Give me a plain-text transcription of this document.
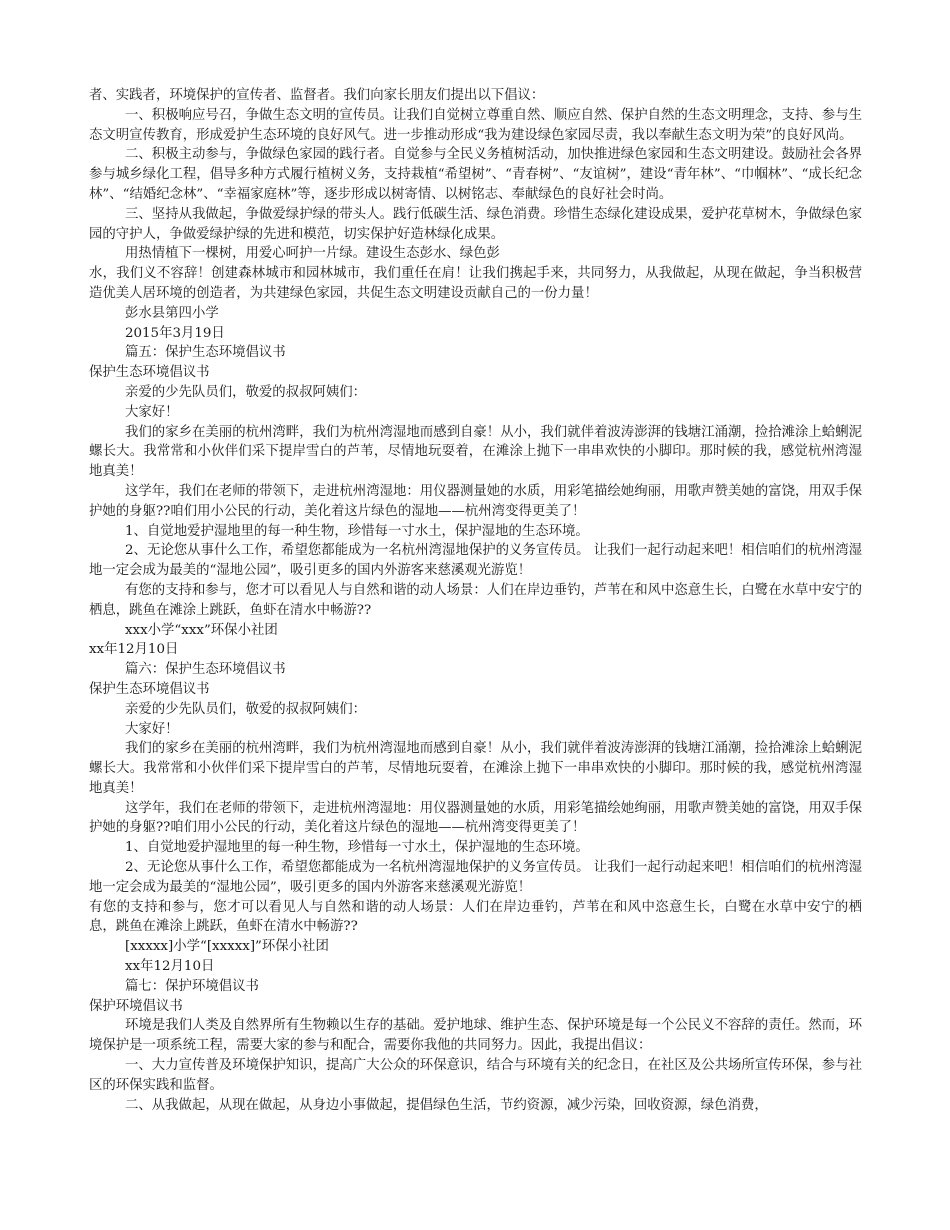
者、实践者，环境保护的宣传者、监督者。我们向家长朋友们提出以下倡议：

一、积极响应号召，争做生态文明的宣传员。让我们自觉树立尊重自然、顺应自然、保护自然的生态文明理念，支持、参与生态文明宣传教育，形成爱护生态环境的良好风气。进一步推动形成“我为建设绿色家园尽责，我以奉献生态文明为荣”的良好风尚。

二、积极主动参与，争做绿色家园的践行者。自觉参与全民义务植树活动，加快推进绿色家园和生态文明建设。鼓励社会各界参与城乡绿化工程，倡导多种方式履行植树义务，支持栽植“希望树”、“青春树”、“友谊树”，建设“青年林”、“巾帼林”、“成长纪念林”、“结婚纪念林”、“幸福家庭林”等，逐步形成以树寄情、以树铭志、奉献绿色的良好社会时尚。

三、坚持从我做起，争做爱绿护绿的带头人。践行低碳生活、绿色消费。珍惜生态绿化建设成果，爱护花草树木，争做绿色家园的守护人，争做爱绿护绿的先进和模范，切实保护好造林绿化成果。

用热情植下一棵树，用爱心呵护一片绿。建设生态彭水、绿色彭

水，我们义不容辞！创建森林城市和园林城市，我们重任在肩！让我们携起手来，共同努力，从我做起，从现在做起，争当积极营造优美人居环境的创造者，为共建绿色家园，共促生态文明建设贡献自己的一份力量！

彭水县第四小学

2015年3月19日

篇五：保护生态环境倡议书

保护生态环境倡议书

亲爱的少先队员们，敬爱的叔叔阿姨们：

大家好！

我们的家乡在美丽的杭州湾畔，我们为杭州湾湿地而感到自豪！从小，我们就伴着波涛澎湃的钱塘江涌潮，捡拾滩涂上蛤蜊泥螺长大。我常常和小伙伴们采下提岸雪白的芦苇，尽情地玩耍着，在滩涂上抛下一串串欢快的小脚印。那时候的我，感觉杭州湾湿地真美！

这学年，我们在老师的带领下，走进杭州湾湿地：用仪器测量她的水质，用彩笔描绘她绚丽，用歌声赞美她的富饶，用双手保护她的身躯??咱们用小公民的行动，美化着这片绿色的湿地——杭州湾变得更美了！

1、自觉地爱护湿地里的每一种生物，珍惜每一寸水土，保护湿地的生态环境。

2、无论您从事什么工作，希望您都能成为一名杭州湾湿地保护的义务宣传员。 让我们一起行动起来吧！相信咱们的杭州湾湿地一定会成为最美的“湿地公园”，吸引更多的国内外游客来慈溪观光游览！

有您的支持和参与，您才可以看见人与自然和谐的动人场景：人们在岸边垂钓，芦苇在和风中恣意生长，白鹭在水草中安宁的栖息，跳鱼在滩涂上跳跃，鱼虾在清水中畅游??

xxx小学“xxx”环保小社团

xx年12月10日

篇六：保护生态环境倡议书

保护生态环境倡议书

亲爱的少先队员们，敬爱的叔叔阿姨们：

大家好！

我们的家乡在美丽的杭州湾畔，我们为杭州湾湿地而感到自豪！从小，我们就伴着波涛澎湃的钱塘江涌潮，捡拾滩涂上蛤蜊泥螺长大。我常常和小伙伴们采下提岸雪白的芦苇，尽情地玩耍着，在滩涂上抛下一串串欢快的小脚印。那时候的我，感觉杭州湾湿地真美！

这学年，我们在老师的带领下，走进杭州湾湿地：用仪器测量她的水质，用彩笔描绘她绚丽，用歌声赞美她的富饶，用双手保护她的身躯??咱们用小公民的行动，美化着这片绿色的湿地——杭州湾变得更美了！

1、自觉地爱护湿地里的每一种生物，珍惜每一寸水土，保护湿地的生态环境。

2、无论您从事什么工作，希望您都能成为一名杭州湾湿地保护的义务宣传员。 让我们一起行动起来吧！相信咱们的杭州湾湿地一定会成为最美的“湿地公园”，吸引更多的国内外游客来慈溪观光游览！

有您的支持和参与，您才可以看见人与自然和谐的动人场景：人们在岸边垂钓，芦苇在和风中恣意生长，白鹭在水草中安宁的栖息，跳鱼在滩涂上跳跃，鱼虾在清水中畅游??

[xxxxx]小学“[xxxxx]”环保小社团

xx年12月10日

篇七：保护环境倡议书

保护环境倡议书

环境是我们人类及自然界所有生物赖以生存的基础。爱护地球、维护生态、保护环境是每一个公民义不容辞的责任。然而，环境保护是一项系统工程，需要大家的参与和配合，需要你我他的共同努力。因此，我提出倡议：

一、大力宣传普及环境保护知识，提高广大公众的环保意识，结合与环境有关的纪念日，在社区及公共场所宣传环保，参与社区的环保实践和监督。

二、从我做起，从现在做起，从身边小事做起，提倡绿色生活，节约资源，减少污染，回收资源，绿色消费，
